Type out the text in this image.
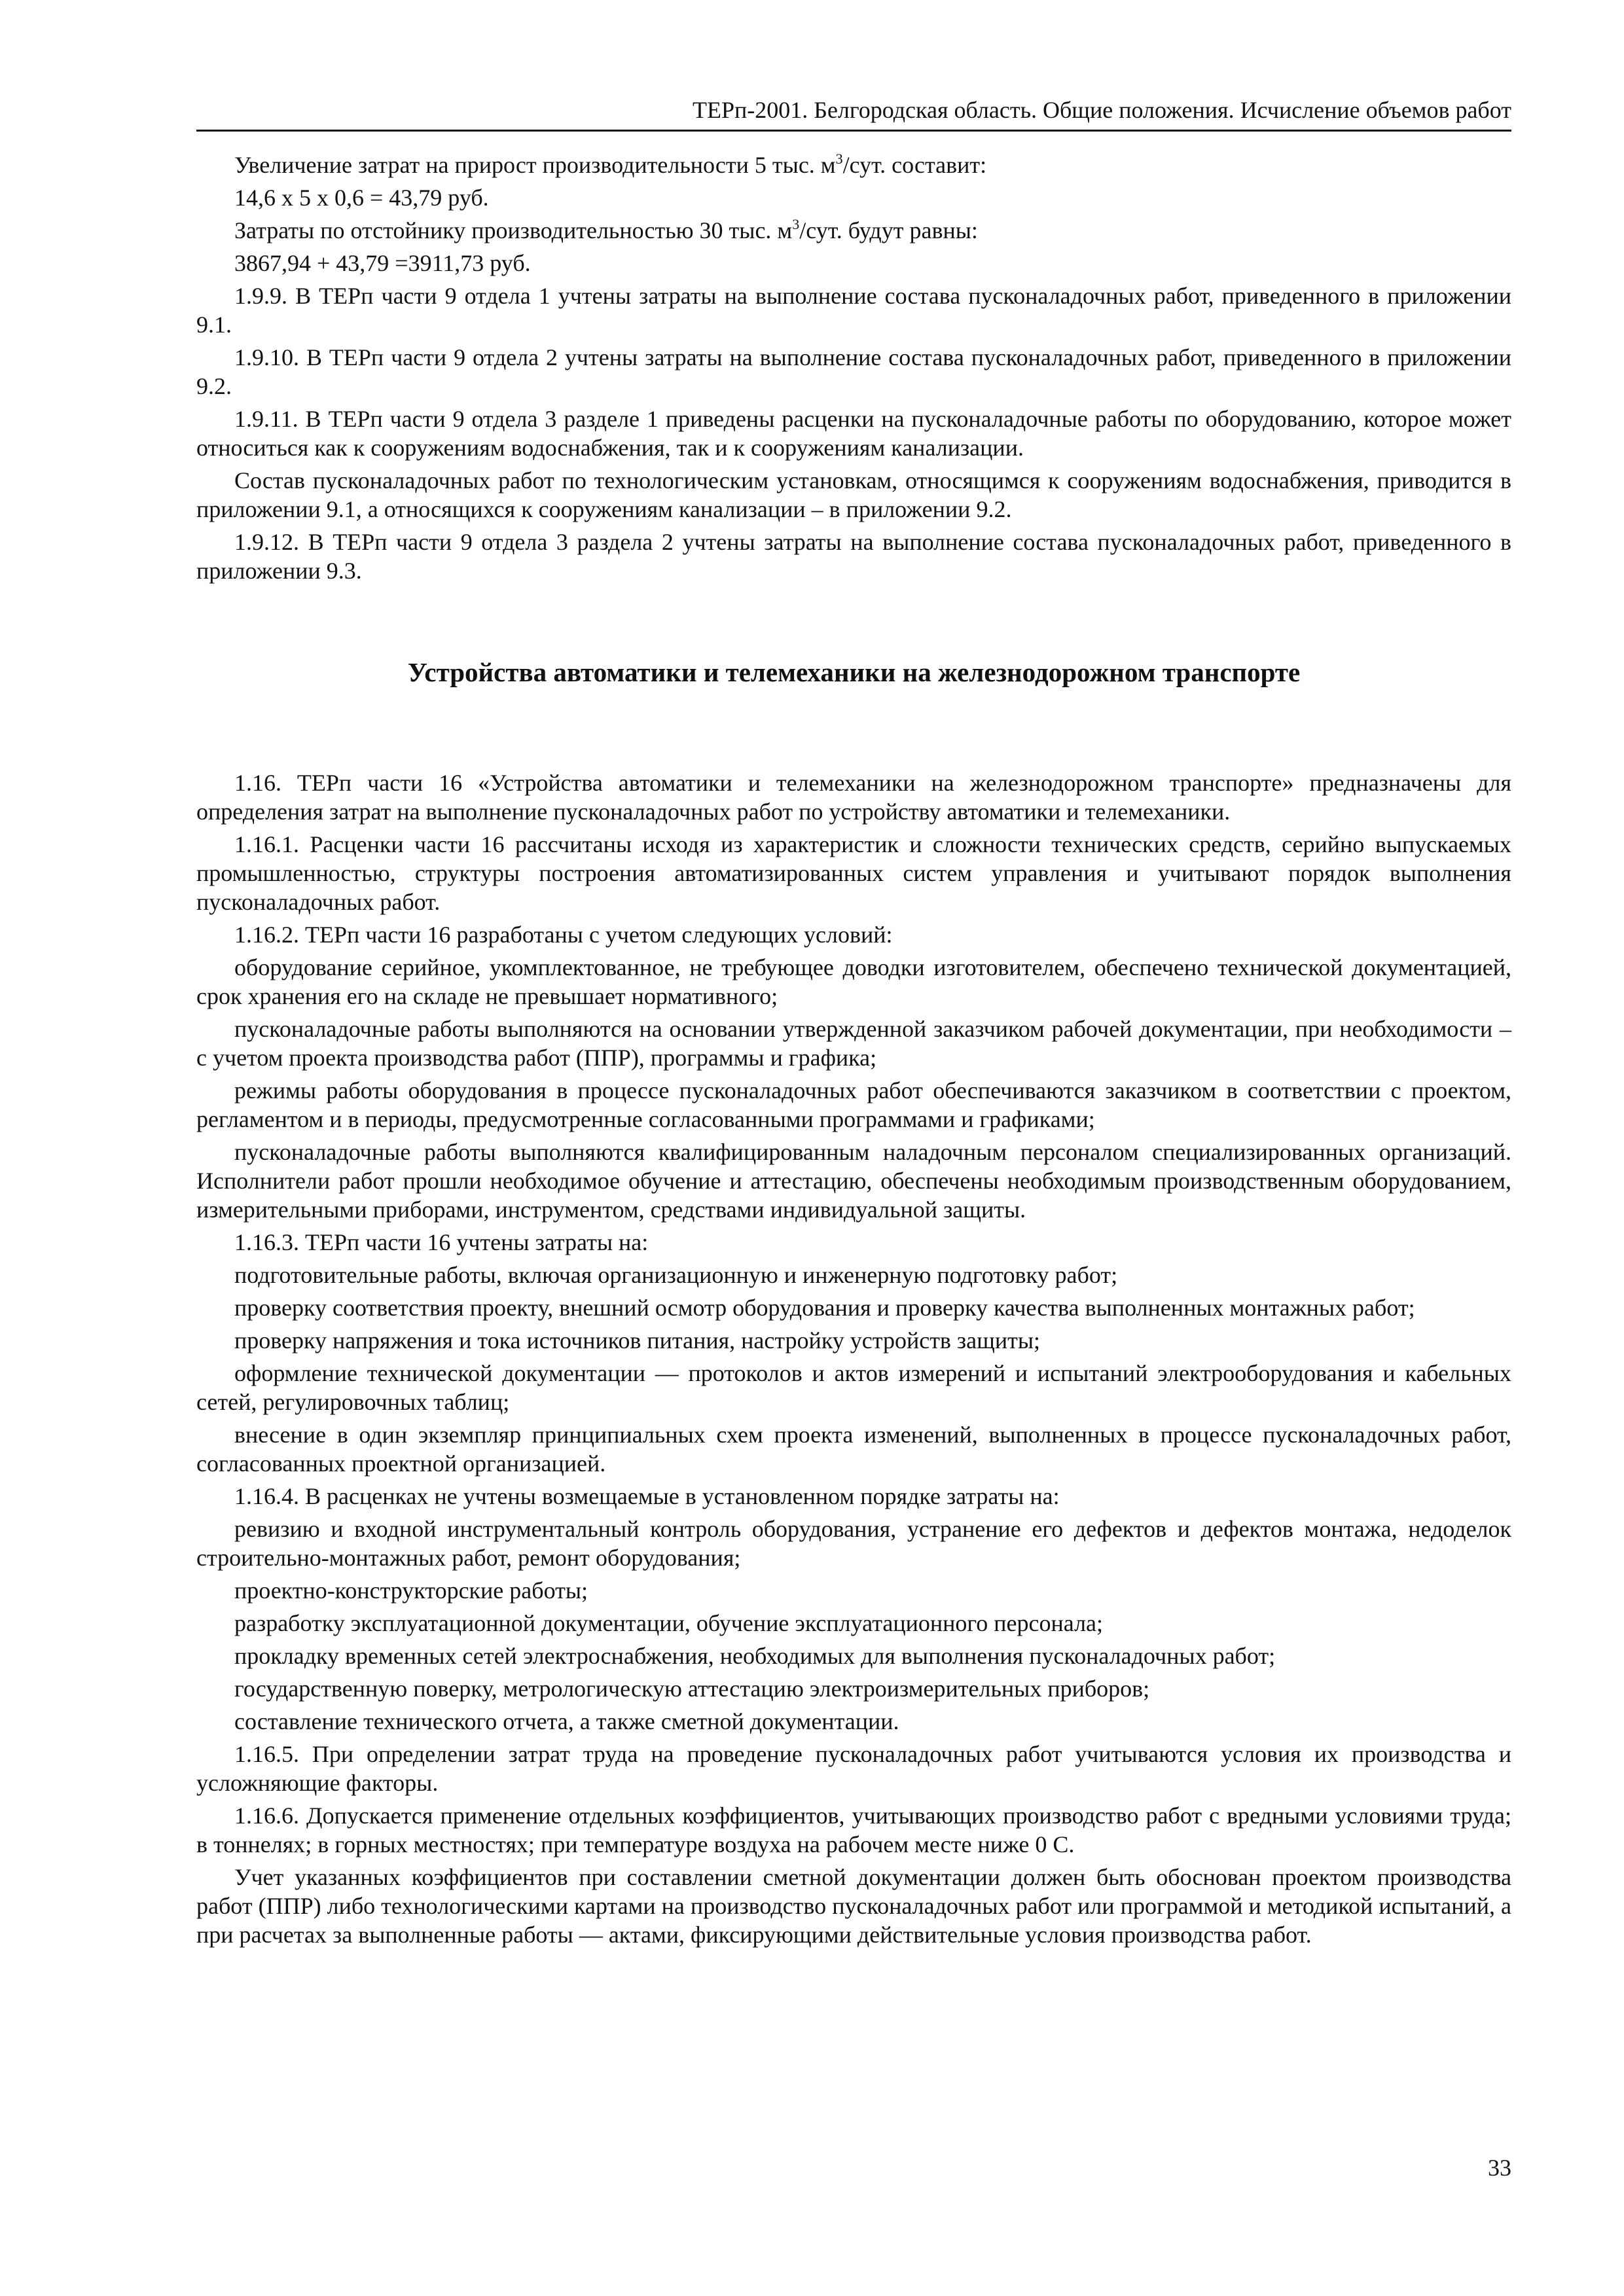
ТЕРп-2001. Белгородская область. Общие положения. Исчисление объемов работ

Увеличение затрат на прирост производительности 5 тыс. $м^3$/сут. составит:

14,6 х 5 х 0,6 = 43,79 руб.

Затраты по отстойнику производительностью 30 тыс. $м^3$/сут. будут равны:

3867,94 + 43,79 =3911,73 руб.

1.9.9. В ТЕРп части 9 отдела 1 учтены затраты на выполнение состава пусконаладочных работ, приведенного в приложении 9.1.

1.9.10. В ТЕРп части 9 отдела 2 учтены затраты на выполнение состава пусконаладочных работ, приведенного в приложении 9.2.

1.9.11. В ТЕРп части 9 отдела 3 разделе 1 приведены расценки на пусконаладочные работы по оборудованию, которое может относиться как к сооружениям водоснабжения, так и к сооружениям канализации.

Состав пусконаладочных работ по технологическим установкам, относящимся к сооружениям водоснабжения, приводится в приложении 9.1, а относящихся к сооружениям канализации – в приложении 9.2.

1.9.12. В ТЕРп части 9 отдела 3 раздела 2 учтены затраты на выполнение состава пусконаладочных работ, приведенного в приложении 9.3.

Устройства автоматики и телемеханики на железнодорожном транспорте

1.16. ТЕРп части 16 «Устройства автоматики и телемеханики на железнодорожном транспорте» предназначены для определения затрат на выполнение пусконаладочных работ по устройству автоматики и телемеханики.

1.16.1. Расценки части 16 рассчитаны исходя из характеристик и сложности технических средств, серийно выпускаемых промышленностью, структуры построения автоматизированных систем управления и учитывают порядок выполнения пусконаладочных работ.

1.16.2. ТЕРп части 16 разработаны с учетом следующих условий:

оборудование серийное, укомплектованное, не требующее доводки изготовителем, обеспечено технической документацией, срок хранения его на складе не превышает нормативного;

пусконаладочные работы выполняются на основании утвержденной заказчиком рабочей документации, при необходимости – с учетом проекта производства работ (ППР), программы и графика;

режимы работы оборудования в процессе пусконаладочных работ обеспечиваются заказчиком в соответствии с проектом, регламентом и в периоды, предусмотренные согласованными программами и графиками;

пусконаладочные работы выполняются квалифицированным наладочным персоналом специализированных организаций. Исполнители работ прошли необходимое обучение и аттестацию, обеспечены необходимым производственным оборудованием, измерительными приборами, инструментом, средствами индивидуальной защиты.

1.16.3. ТЕРп части 16 учтены затраты на:

подготовительные работы, включая организационную и инженерную подготовку работ;

проверку соответствия проекту, внешний осмотр оборудования и проверку качества выполненных монтажных работ;

проверку напряжения и тока источников питания, настройку устройств защиты;

оформление технической документации — протоколов и актов измерений и испытаний электрооборудования и кабельных сетей, регулировочных таблиц;

внесение в один экземпляр принципиальных схем проекта изменений, выполненных в процессе пусконаладочных работ, согласованных проектной организацией.

1.16.4. В расценках не учтены возмещаемые в установленном порядке затраты на:

ревизию и входной инструментальный контроль оборудования, устранение его дефектов и дефектов монтажа, недоделок строительно-монтажных работ, ремонт оборудования;

проектно-конструкторские работы;

разработку эксплуатационной документации, обучение эксплуатационного персонала;

прокладку временных сетей электроснабжения, необходимых для выполнения пусконаладочных работ;

государственную поверку, метрологическую аттестацию электроизмерительных приборов;

составление технического отчета, а также сметной документации.

1.16.5. При определении затрат труда на проведение пусконаладочных работ учитываются условия их производства и усложняющие факторы.

1.16.6. Допускается применение отдельных коэффициентов, учитывающих производство работ с вредными условиями труда; в тоннелях; в горных местностях; при температуре воздуха на рабочем месте ниже 0 С.

Учет указанных коэффициентов при составлении сметной документации должен быть обоснован проектом производства работ (ППР) либо технологическими картами на производство пусконаладочных работ или программой и методикой испытаний, а при расчетах за выполненные работы — актами, фиксирующими действительные условия производства работ.

33
